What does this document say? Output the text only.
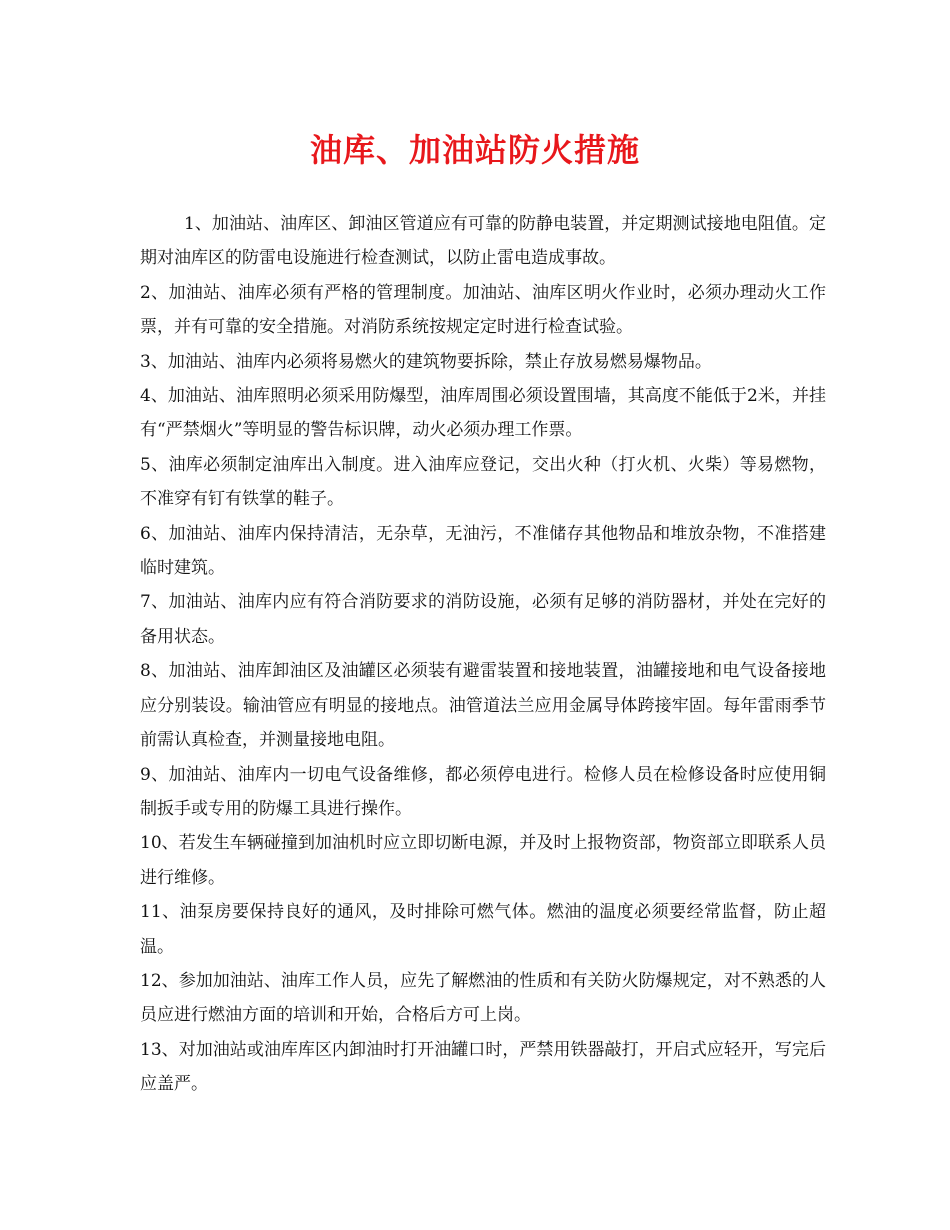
油库、加油站防火措施

1、加油站、油库区、卸油区管道应有可靠的防静电装置，并定期测试接地电阻值。定期对油库区的防雷电设施进行检查测试，以防止雷电造成事故。

2、加油站、油库必须有严格的管理制度。加油站、油库区明火作业时，必须办理动火工作票，并有可靠的安全措施。对消防系统按规定定时进行检查试验。

3、加油站、油库内必须将易燃火的建筑物要拆除，禁止存放易燃易爆物品。

4、加油站、油库照明必须采用防爆型，油库周围必须设置围墙，其高度不能低于2米，并挂有“严禁烟火”等明显的警告标识牌，动火必须办理工作票。

5、油库必须制定油库出入制度。进入油库应登记，交出火种（打火机、火柴）等易燃物，不准穿有钉有铁掌的鞋子。

6、加油站、油库内保持清洁，无杂草，无油污，不准储存其他物品和堆放杂物，不准搭建临时建筑。

7、加油站、油库内应有符合消防要求的消防设施，必须有足够的消防器材，并处在完好的备用状态。

8、加油站、油库卸油区及油罐区必须装有避雷装置和接地装置，油罐接地和电气设备接地应分别装设。输油管应有明显的接地点。油管道法兰应用金属导体跨接牢固。每年雷雨季节前需认真检查，并测量接地电阻。

9、加油站、油库内一切电气设备维修，都必须停电进行。检修人员在检修设备时应使用铜制扳手或专用的防爆工具进行操作。

10、若发生车辆碰撞到加油机时应立即切断电源，并及时上报物资部，物资部立即联系人员进行维修。

11、油泵房要保持良好的通风，及时排除可燃气体。燃油的温度必须要经常监督，防止超温。

12、参加加油站、油库工作人员，应先了解燃油的性质和有关防火防爆规定，对不熟悉的人员应进行燃油方面的培训和开始，合格后方可上岗。

13、对加油站或油库库区内卸油时打开油罐口时，严禁用铁器敲打，开启式应轻开，写完后应盖严。
